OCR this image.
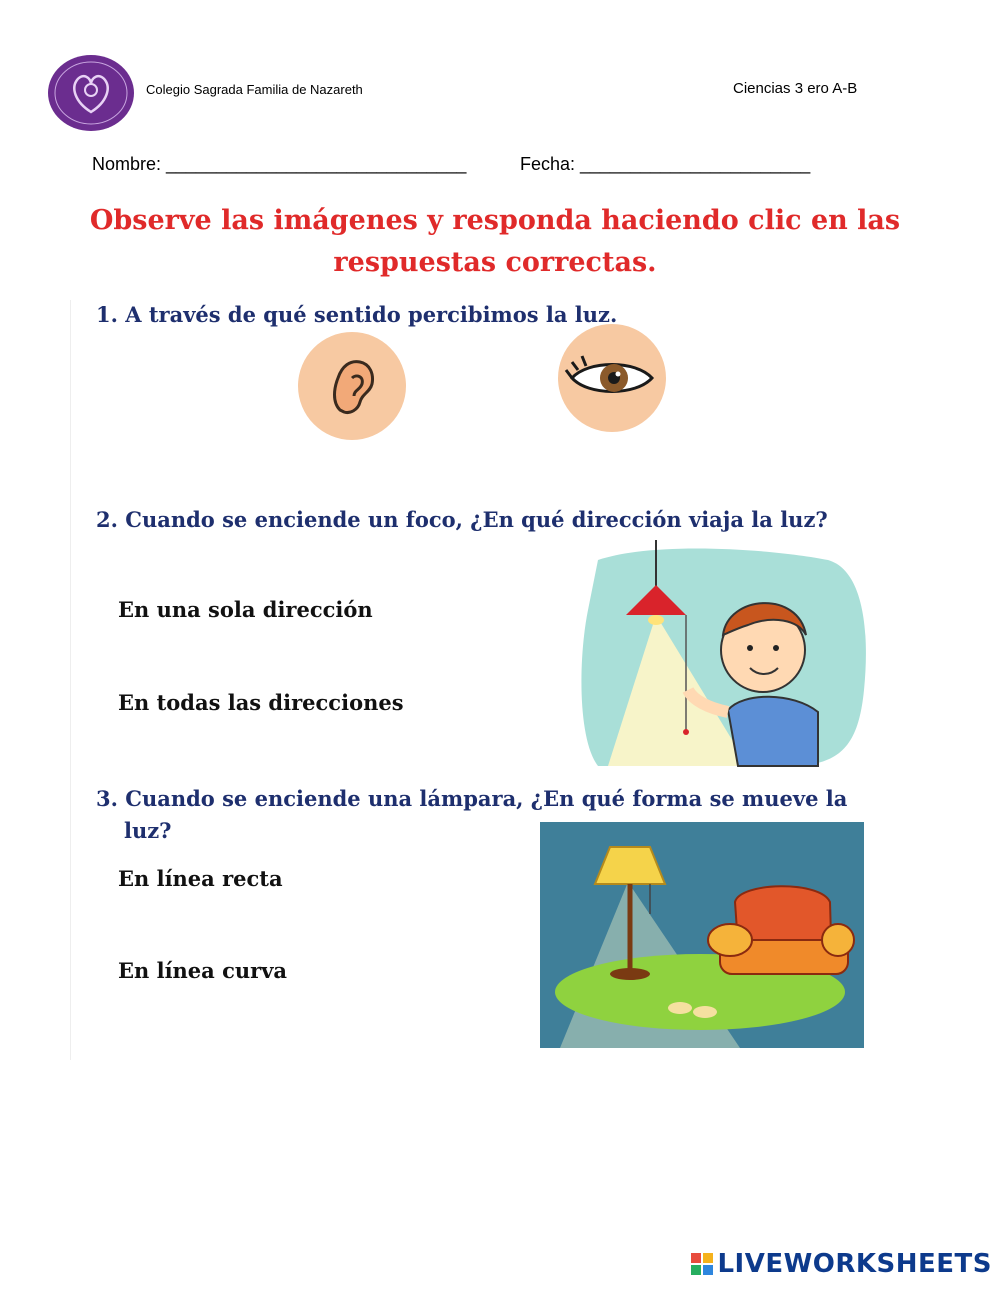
Colegio Sagrada Familia de Nazareth	Ciencias 3 ero A-B
Nombre: ______________________________	Fecha: _______________________
Observe las imágenes y responda haciendo clic en las
respuestas correctas.
1. A través de qué sentido percibimos la luz.
2. Cuando se enciende un foco, ¿En qué dirección viaja la luz?
En una sola dirección
En todas las direcciones
3. Cuando se enciende una lámpara, ¿En qué forma se mueve la
luz?
En línea recta
En línea curva
LIVEWORKSHEETS
